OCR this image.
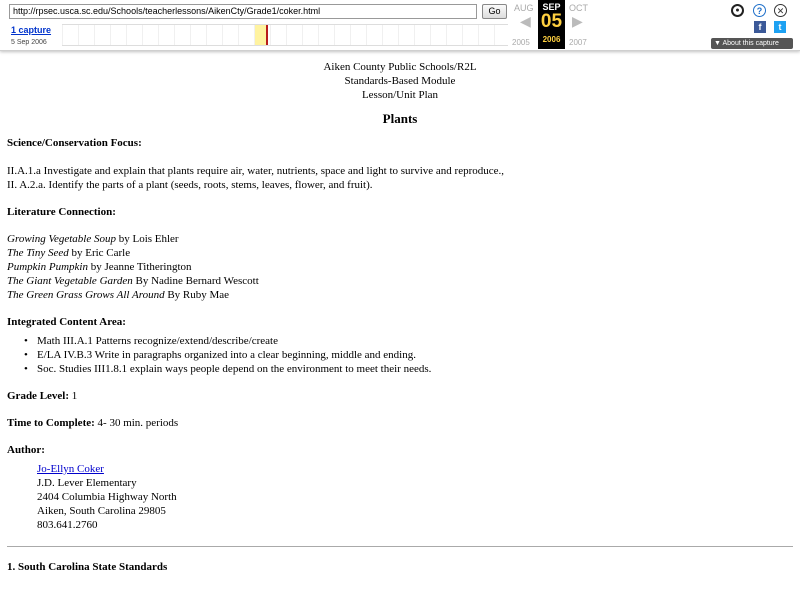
http://rpsec.usca.sc.edu/Schools/teacherlessons/AikenCty/Grade1/coker.html	Go
1 capture
5 Sep 2006
AUG
◀
2005
SEP
05
2006
OCT
▶
2007
●	?	✕
f	t
▼ About this capture
Aiken County Public Schools/R2L
Standards-Based Module
Lesson/Unit Plan
Plants
Science/Conservation Focus:
II.A.1.a Investigate and explain that plants require air, water, nutrients, space and light to survive and reproduce.,
II. A.2.a. Identify the parts of a plant (seeds, roots, stems, leaves, flower, and fruit).
Literature Connection:
Growing Vegetable Soup by Lois Ehler
The Tiny Seed by Eric Carle
Pumpkin Pumpkin by Jeanne Titherington
The Giant Vegetable Garden By Nadine Bernard Wescott
The Green Grass Grows All Around By Ruby Mae
Integrated Content Area:
• Math III.A.1 Patterns recognize/extend/describe/create
• E/LA IV.B.3 Write in paragraphs organized into a clear beginning, middle and ending.
• Soc. Studies III1.8.1 explain ways people depend on the environment to meet their needs.
Grade Level: 1
Time to Complete: 4- 30 min. periods
Author:
Jo-Ellyn Coker
J.D. Lever Elementary
2404 Columbia Highway North
Aiken, South Carolina 29805
803.641.2760
1. South Carolina State Standards
